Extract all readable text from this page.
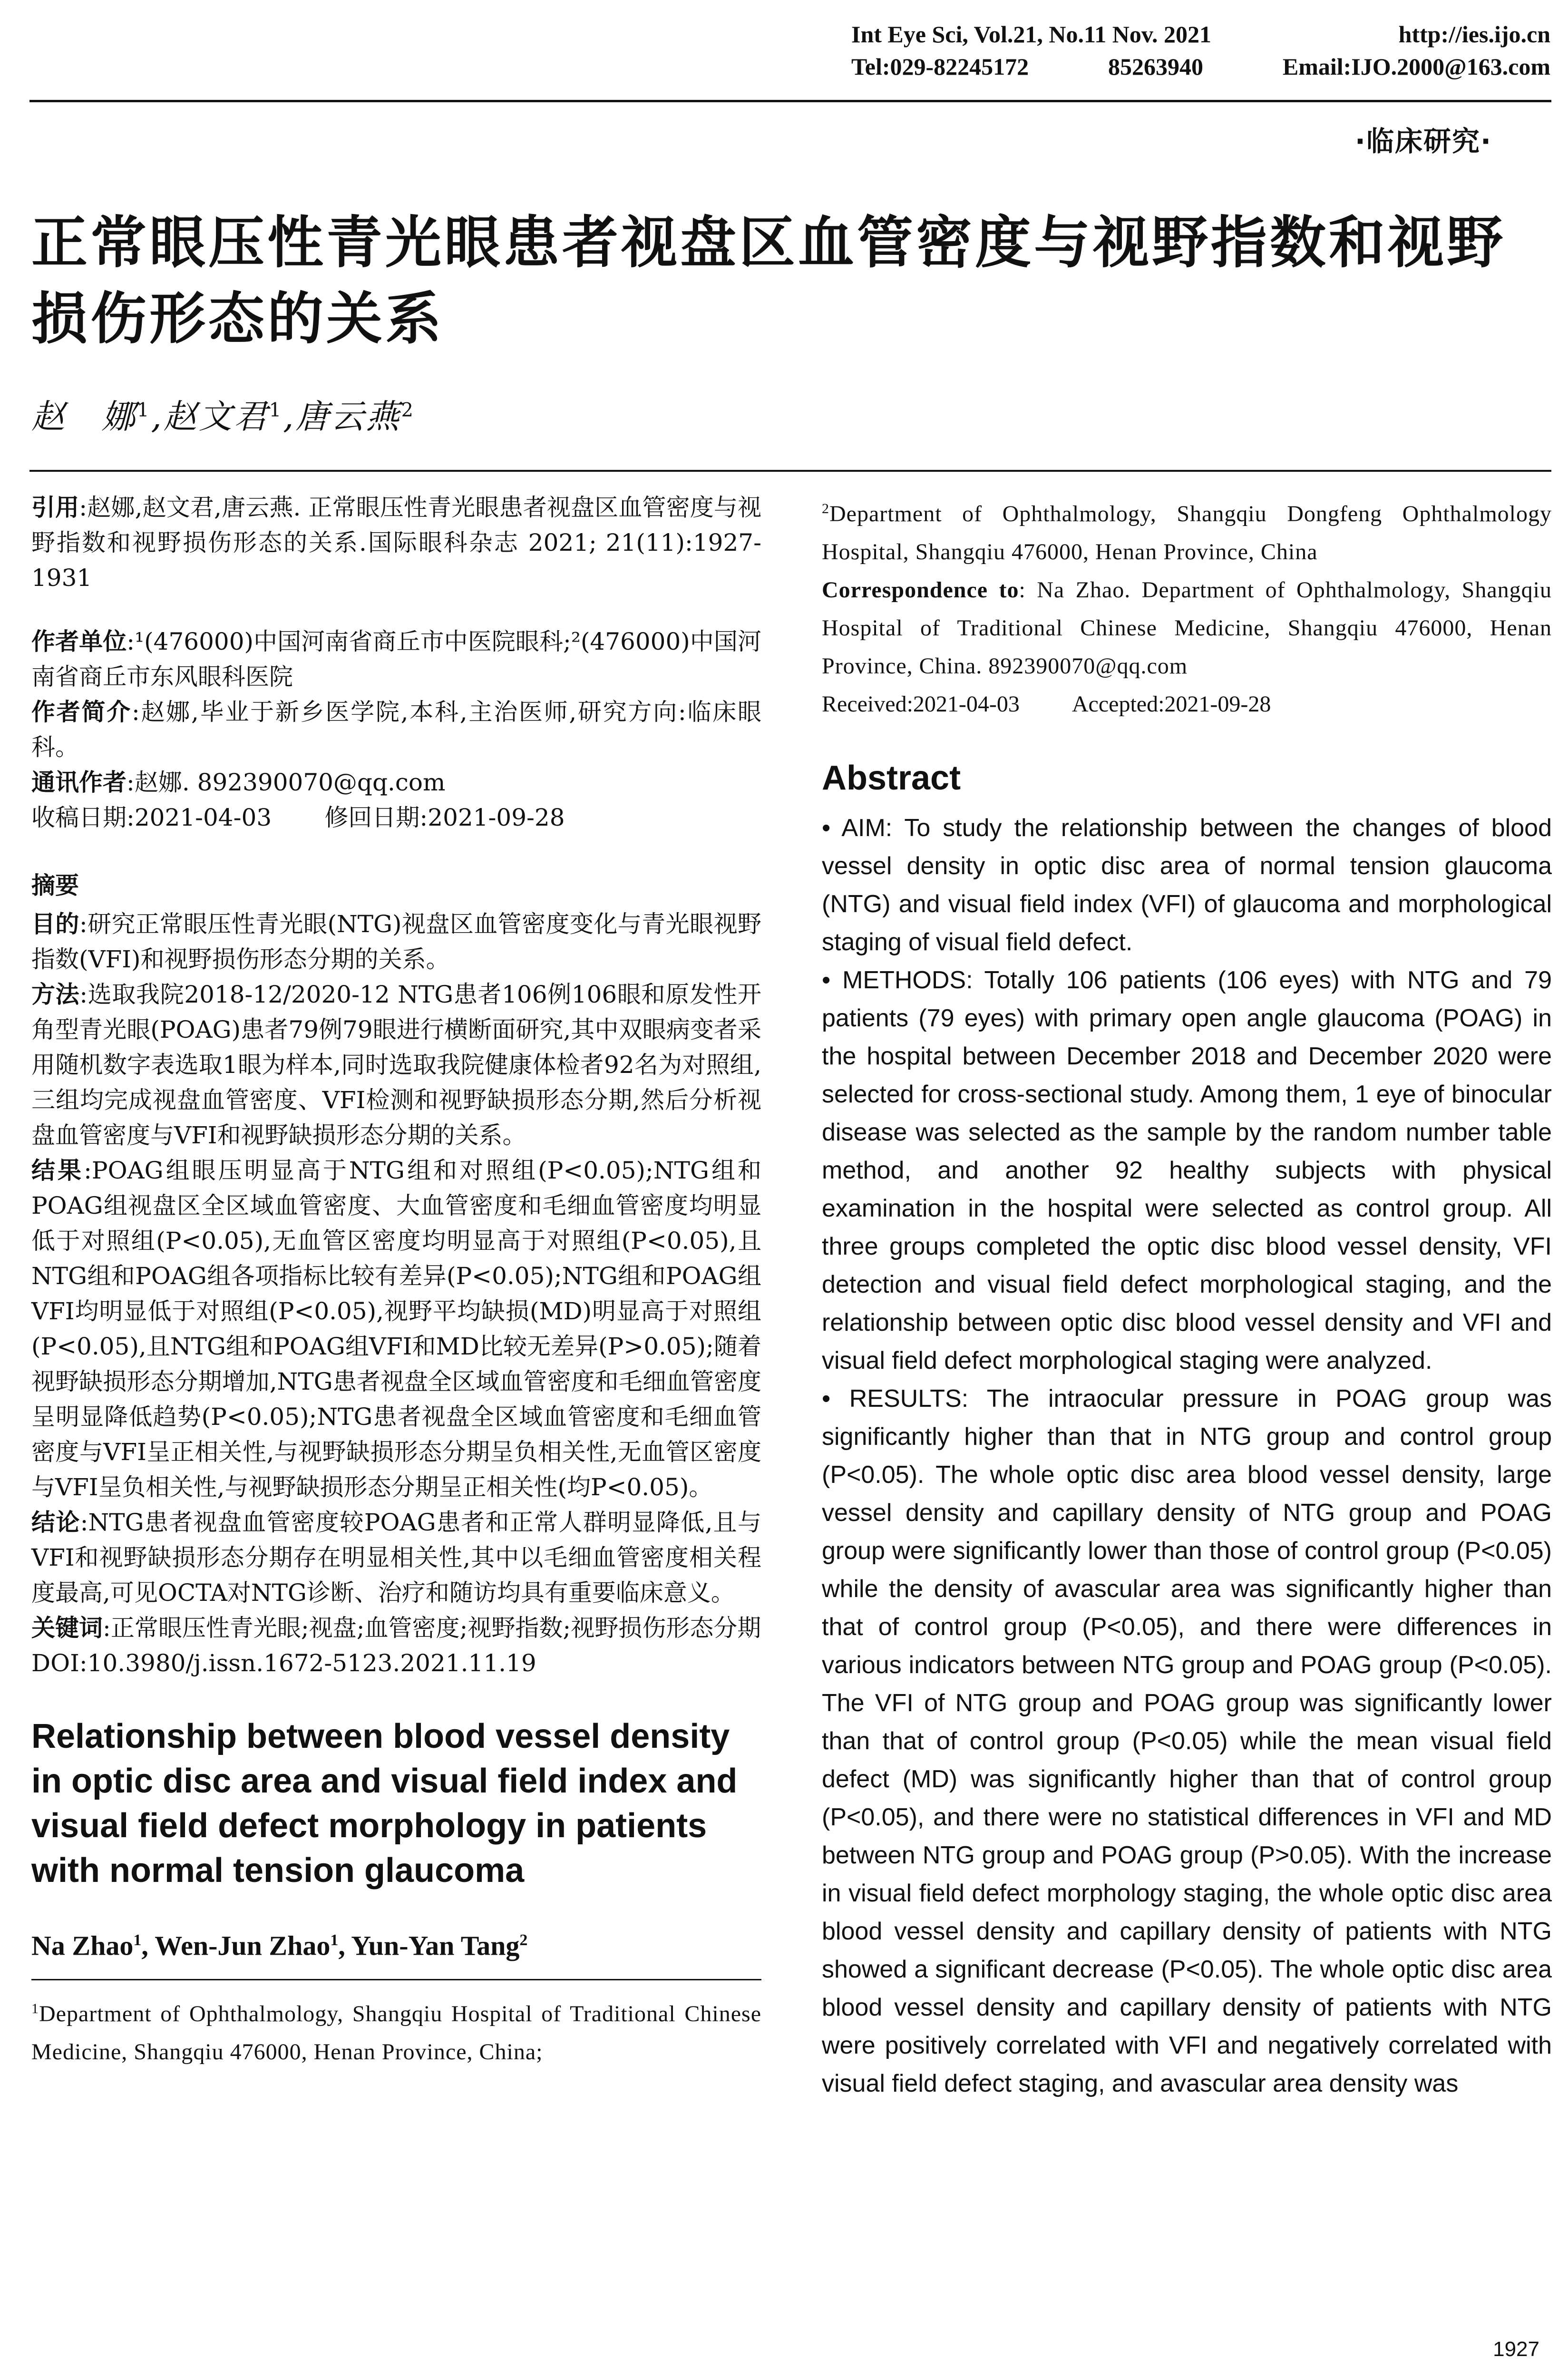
Int Eye Sci, Vol.21, No.11 Nov. 2021	http://ies.ijo.cn
Tel:029-82245172	85263940	Email:IJO.2000@163.com
·临床研究·
正常眼压性青光眼患者视盘区血管密度与视野指数和视野损伤形态的关系
赵　娜$^1$,赵文君$^1$,唐云燕$^2$

引用:赵娜,赵文君,唐云燕. 正常眼压性青光眼患者视盘区血管密度与视野指数和视野损伤形态的关系.国际眼科杂志 2021; 21(11):1927-1931

作者单位:¹(476000)中国河南省商丘市中医院眼科;²(476000)中国河南省商丘市东风眼科医院

作者简介:赵娜,毕业于新乡医学院,本科,主治医师,研究方向:临床眼科。

通讯作者:赵娜. 892390070@qq.com

收稿日期:2021-04-03 修回日期:2021-09-28

摘要

目的:研究正常眼压性青光眼(NTG)视盘区血管密度变化与青光眼视野指数(VFI)和视野损伤形态分期的关系。

方法:选取我院2018-12/2020-12 NTG患者106例106眼和原发性开角型青光眼(POAG)患者79例79眼进行横断面研究,其中双眼病变者采用随机数字表选取1眼为样本,同时选取我院健康体检者92名为对照组,三组均完成视盘血管密度、VFI检测和视野缺损形态分期,然后分析视盘血管密度与VFI和视野缺损形态分期的关系。

结果:POAG组眼压明显高于NTG组和对照组(P<0.05);NTG组和POAG组视盘区全区域血管密度、大血管密度和毛细血管密度均明显低于对照组(P<0.05),无血管区密度均明显高于对照组(P<0.05),且NTG组和POAG组各项指标比较有差异(P<0.05);NTG组和POAG组VFI均明显低于对照组(P<0.05),视野平均缺损(MD)明显高于对照组(P<0.05),且NTG组和POAG组VFI和MD比较无差异(P>0.05);随着视野缺损形态分期增加,NTG患者视盘全区域血管密度和毛细血管密度呈明显降低趋势(P<0.05);NTG患者视盘全区域血管密度和毛细血管密度与VFI呈正相关性,与视野缺损形态分期呈负相关性,无血管区密度与VFI呈负相关性,与视野缺损形态分期呈正相关性(均P<0.05)。

结论:NTG患者视盘血管密度较POAG患者和正常人群明显降低,且与VFI和视野缺损形态分期存在明显相关性,其中以毛细血管密度相关程度最高,可见OCTA对NTG诊断、治疗和随访均具有重要临床意义。

关键词:正常眼压性青光眼;视盘;血管密度;视野指数;视野损伤形态分期

DOI:10.3980/j.issn.1672-5123.2021.11.19

Relationship between blood vessel density in optic disc area and visual field index and visual field defect morphology in patients with normal tension glaucoma

Na Zhao$^1$, Wen-Jun Zhao$^1$, Yun-Yan Tang$^2$

$^1$Department of Ophthalmology, Shangqiu Hospital of Traditional Chinese Medicine, Shangqiu 476000, Henan Province, China;

$^2$Department of Ophthalmology, Shangqiu Dongfeng Ophthalmology Hospital, Shangqiu 476000, Henan Province, China

Correspondence to: Na Zhao. Department of Ophthalmology, Shangqiu Hospital of Traditional Chinese Medicine, Shangqiu 476000, Henan Province, China. 892390070@qq.com

Received:2021-04-03 Accepted:2021-09-28

Abstract

• AIM: To study the relationship between the changes of blood vessel density in optic disc area of normal tension glaucoma (NTG) and visual field index (VFI) of glaucoma and morphological staging of visual field defect.

• METHODS: Totally 106 patients (106 eyes) with NTG and 79 patients (79 eyes) with primary open angle glaucoma (POAG) in the hospital between December 2018 and December 2020 were selected for cross-sectional study. Among them, 1 eye of binocular disease was selected as the sample by the random number table method, and another 92 healthy subjects with physical examination in the hospital were selected as control group. All three groups completed the optic disc blood vessel density, VFI detection and visual field defect morphological staging, and the relationship between optic disc blood vessel density and VFI and visual field defect morphological staging were analyzed.

• RESULTS: The intraocular pressure in POAG group was significantly higher than that in NTG group and control group (P<0.05). The whole optic disc area blood vessel density, large vessel density and capillary density of NTG group and POAG group were significantly lower than those of control group (P<0.05) while the density of avascular area was significantly higher than that of control group (P<0.05), and there were differences in various indicators between NTG group and POAG group (P<0.05). The VFI of NTG group and POAG group was significantly lower than that of control group (P<0.05) while the mean visual field defect (MD) was significantly higher than that of control group (P<0.05), and there were no statistical differences in VFI and MD between NTG group and POAG group (P>0.05). With the increase in visual field defect morphology staging, the whole optic disc area blood vessel density and capillary density of patients with NTG showed a significant decrease (P<0.05). The whole optic disc area blood vessel density and capillary density of patients with NTG were positively correlated with VFI and negatively correlated with visual field defect staging, and avascular area density was

1927
